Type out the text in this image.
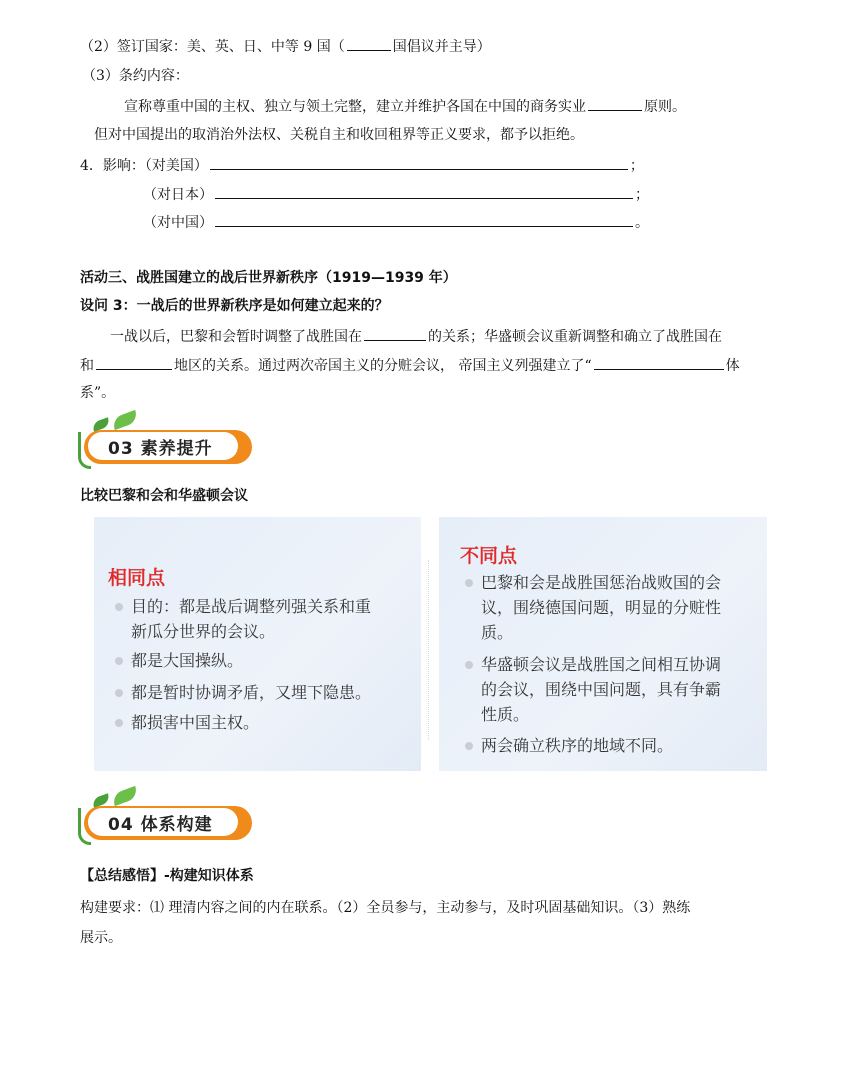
（2）签订国家：美、英、日、中等 9 国（	国倡议并主导）
（3）条约内容：
宣称尊重中国的主权、独立与领土完整，建立并维护各国在中国的商务实业	原则。
但对中国提出的取消治外法权、关税自主和收回租界等正义要求，都予以拒绝。
4．影响：（对美国）	；
（对日本）	；
（对中国）	。
活动三、战胜国建立的战后世界新秩序（1919—1939 年）
设问 3：一战后的世界新秩序是如何建立起来的？
一战以后，巴黎和会暂时调整了战胜国在	的关系；华盛顿会议重新调整和确立了战胜国在
和	地区的关系。通过两次帝国主义的分赃会议， 帝国主义列强建立了“	体
系”。
03 素养提升
比较巴黎和会和华盛顿会议
相同点
目的：都是战后调整列强关系和重
新瓜分世界的会议。
都是大国操纵。
都是暂时协调矛盾，又埋下隐患。
都损害中国主权。
不同点
巴黎和会是战胜国惩治战败国的会
议，围绕德国问题，明显的分赃性
质。
华盛顿会议是战胜国之间相互协调
的会议，围绕中国问题，具有争霸
性质。
两会确立秩序的地域不同。
04 体系构建
【总结感悟】-构建知识体系
构建要求：⑴ 理清内容之间的内在联系。（2）全员参与，主动参与，及时巩固基础知识。（3）熟练
展示。
